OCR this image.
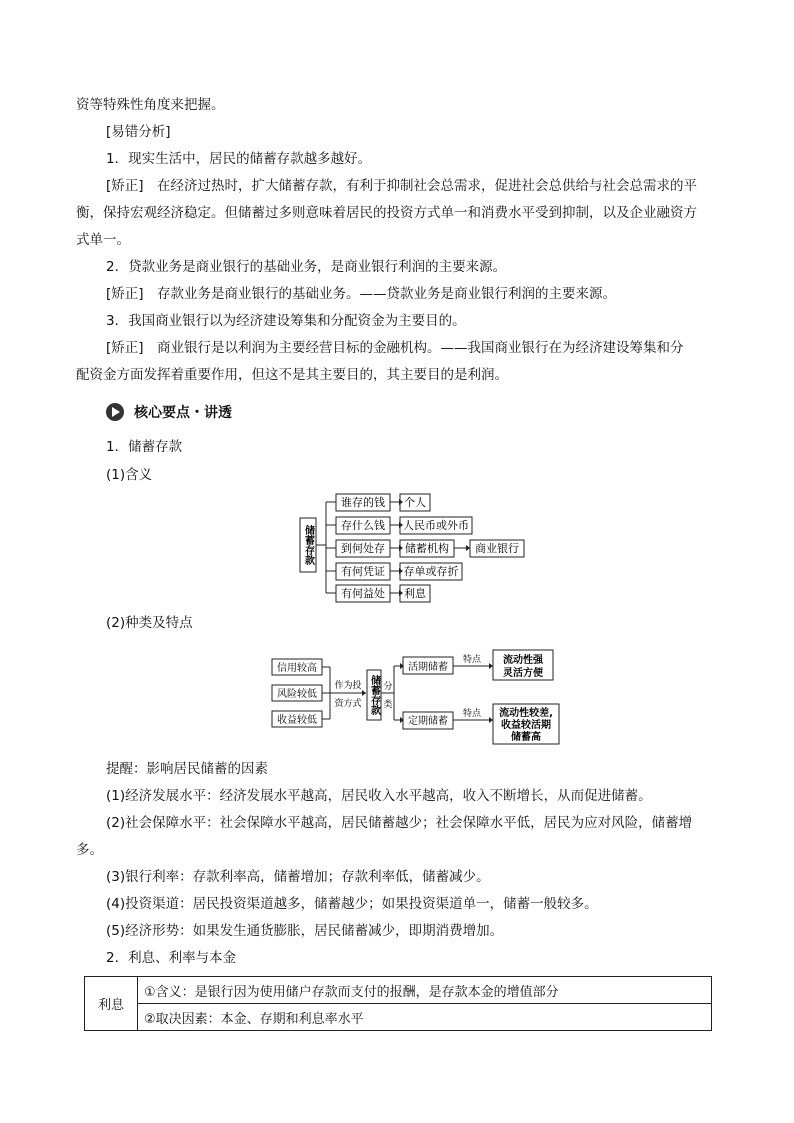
资等特殊性角度来把握。
[易错分析]
1．现实生活中，居民的储蓄存款越多越好。
[矫正]　在经济过热时，扩大储蓄存款，有利于抑制社会总需求，促进社会总供给与社会总需求的平
衡，保持宏观经济稳定。但储蓄过多则意味着居民的投资方式单一和消费水平受到抑制，以及企业融资方
式单一。
2．贷款业务是商业银行的基础业务，是商业银行利润的主要来源。
[矫正]　存款业务是商业银行的基础业务。——贷款业务是商业银行利润的主要来源。
3．我国商业银行以为经济建设筹集和分配资金为主要目的。
[矫正]　商业银行是以利润为主要经营目标的金融机构。——我国商业银行在为经济建设筹集和分
配资金方面发挥着重要作用，但这不是其主要目的，其主要目的是利润。
核心要点・讲透
1．储蓄存款
(1)含义
储蓄存款
谁存的钱
存什么钱
到何处存
有何凭证
有何益处
个人
人民币或外币
储蓄机构
存单或存折
利息
商业银行
(2)种类及特点
信用较高
风险较低
收益较低
作为投
资方式 储蓄存款 分
类
活期储蓄
定期储蓄
特点
特点
流动性强
灵活方便
流动性较差,
收益较活期
储蓄高
提醒：影响居民储蓄的因素
(1)经济发展水平：经济发展水平越高，居民收入水平越高，收入不断增长，从而促进储蓄。
(2)社会保障水平：社会保障水平越高，居民储蓄越少；社会保障水平低，居民为应对风险，储蓄增
多。
(3)银行利率：存款利率高，储蓄增加；存款利率低，储蓄减少。
(4)投资渠道：居民投资渠道越多，储蓄越少；如果投资渠道单一，储蓄一般较多。
(5)经济形势：如果发生通货膨胀，居民储蓄减少，即期消费增加。
2．利息、利率与本金
利息	①含义：是银行因为使用储户存款而支付的报酬，是存款本金的增值部分
②取决因素：本金、存期和利息率水平
